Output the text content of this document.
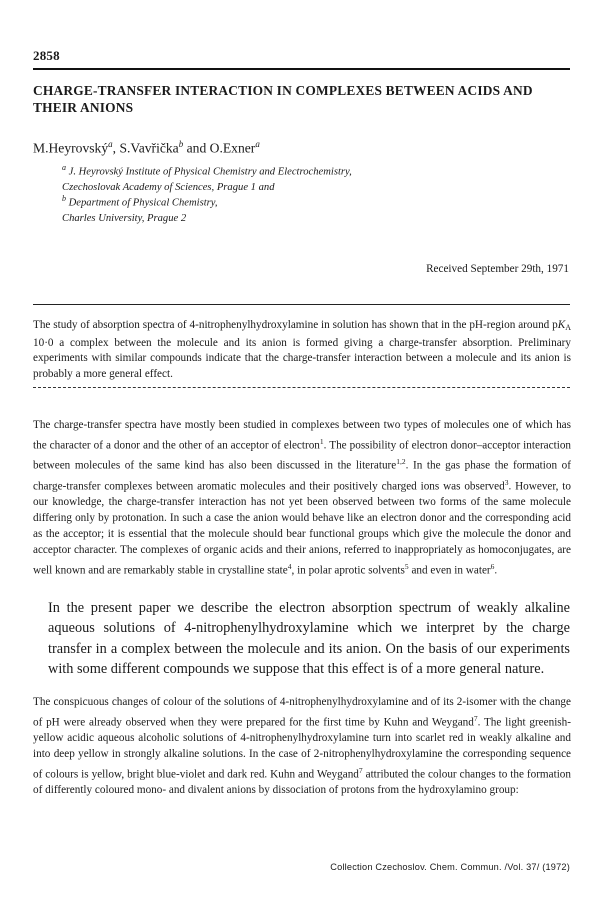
2858
CHARGE-TRANSFER INTERACTION IN COMPLEXES BETWEEN ACIDS AND THEIR ANIONS
M.Heyrovský$^a$, S.Vavřička$^b$ and O.Exner$^a$
$^a$ J. Heyrovský Institute of Physical Chemistry and Electrochemistry,
Czechoslovak Academy of Sciences, Prague 1 and
$^b$ Department of Physical Chemistry,
Charles University, Prague 2
Received September 29th, 1971
The study of absorption spectra of 4-nitrophenylhydroxylamine in solution has shown that in the pH-region around $pK_A$ 10·0 a complex between the molecule and its anion is formed giving a charge-transfer absorption. Preliminary experiments with similar compounds indicate that the charge-transfer interaction between a molecule and its anion is probably a more general effect.
The charge-transfer spectra have mostly been studied in complexes between two types of molecules one of which has the character of a donor and the other of an acceptor of electron$^1$. The possibility of electron donor–acceptor interaction between molecules of the same kind has also been discussed in the literature$^{1,2}$. In the gas phase the formation of charge-transfer complexes between aromatic molecules and their positively charged ions was observed$^3$. However, to our knowledge, the charge-transfer interaction has not yet been observed between two forms of the same molecule differing only by protonation. In such a case the anion would behave like an electron donor and the corresponding acid as the acceptor; it is essential that the molecule should bear functional groups which give the molecule the donor and acceptor character. The complexes of organic acids and their anions, referred to inappropriately as homoconjugates, are well known and are remarkably stable in crystalline state$^4$, in polar aprotic solvents$^5$ and even in water$^6$.
In the present paper we describe the electron absorption spectrum of weakly alkaline aqueous solutions of 4-nitrophenylhydroxylamine which we interpret by the charge transfer in a complex between the molecule and its anion. On the basis of our experiments with some different compounds we suppose that this effect is of a more general nature.
The conspicuous changes of colour of the solutions of 4-nitrophenylhydroxylamine and of its 2-isomer with the change of pH were already observed when they were prepared for the first time by Kuhn and Weygand$^7$. The light greenish-yellow acidic aqueous alcoholic solutions of 4-nitrophenylhydroxylamine turn into scarlet red in weakly alkaline and into deep yellow in strongly alkaline solutions. In the case of 2-nitrophenylhydroxylamine the corresponding sequence of colours is yellow, bright blue-violet and dark red. Kuhn and Weygand$^7$ attributed the colour changes to the formation of differently coloured mono- and divalent anions by dissociation of protons from the hydroxylamino group:
Collection Czechoslov. Chem. Commun. /Vol. 37/ (1972)
